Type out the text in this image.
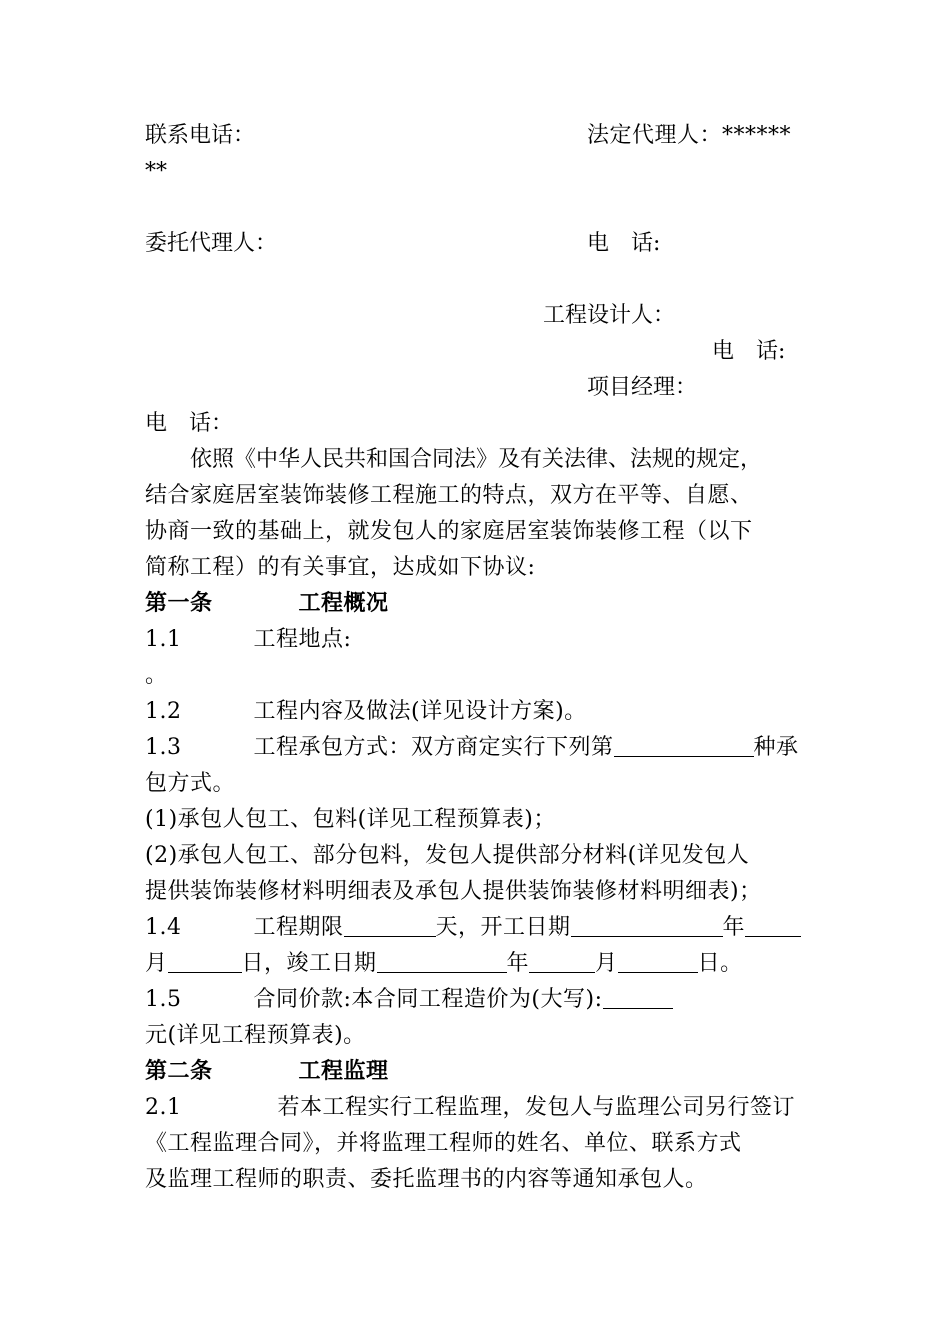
联系电话：	法定代理人：******
**
委托代理人：	电　话:
工程设计人：
电　话:
项目经理：
电　话：
依照《中华人民共和国合同法》及有关法律、法规的规定，
结合家庭居室装饰装修工程施工的特点，双方在平等、自愿、
协商一致的基础上，就发包人的家庭居室装饰装修工程（以下
简称工程）的有关事宜，达成如下协议:
第一条	工程概况
1.1	工程地点:
。
1.2	工程内容及做法(详见设计方案)。
1.3	工程承包方式：双方商定实行下列第	种承
包方式。
(1)承包人包工、包料(详见工程预算表)；
(2)承包人包工、部分包料，发包人提供部分材料(详见发包人
提供装饰装修材料明细表及承包人提供装饰装修材料明细表)；
1.4	工程期限	天，开工日期	年
月	日，竣工日期	年	月	日。
1.5	合同价款:本合同工程造价为(大写):
元(详见工程预算表)。
第二条	工程监理
2.1	若本工程实行工程监理，发包人与监理公司另行签订
《工程监理合同》，并将监理工程师的姓名、单位、联系方式
及监理工程师的职责、委托监理书的内容等通知承包人。
